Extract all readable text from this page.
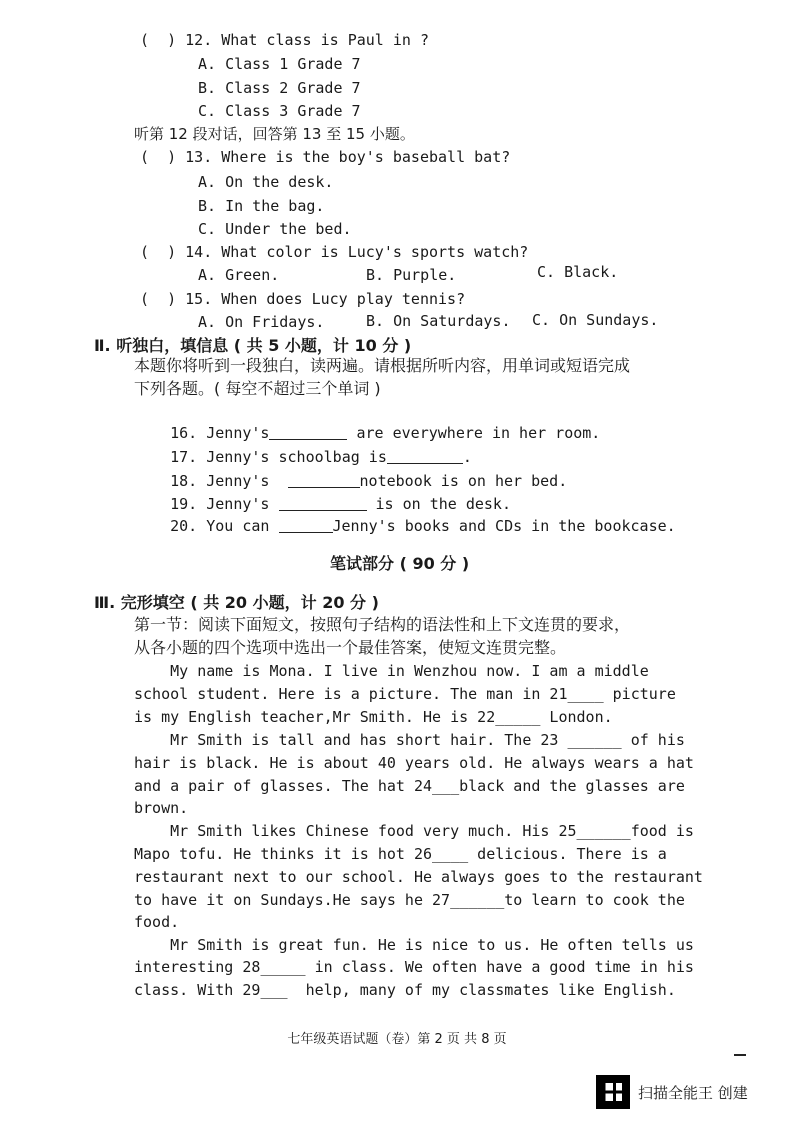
(  ) 12. What class is Paul in ?
A. Class 1 Grade 7
B. Class 2 Grade 7
C. Class 3 Grade 7
听第 12 段对话，回答第 13 至 15 小题。
(  ) 13. Where is the boy's baseball bat?
A. On the desk.
B. In the bag.
C. Under the bed.
(  ) 14. What color is Lucy's sports watch?
A. Green.	B. Purple.	C. Black.
(  ) 15. When does Lucy play tennis?
A. On Fridays.	B. On Saturdays. C. On Sundays.
Ⅱ. 听独白，填信息 ( 共 5 小题，计 10 分 )
本题你将听到一段独白，读两遍。请根据所听内容，用单词或短语完成
下列各题。( 每空不超过三个单词 )

16. Jenny's	are everywhere in her room.

17. Jenny's schoolbag is	.

18. Jenny's	notebook is on her bed.

19. Jenny's	is on the desk.

20. You can	Jenny's books and CDs in the bookcase.

笔试部分 ( 90 分 )
Ⅲ. 完形填空 ( 共 20 小题，计 20 分 )
第一节：阅读下面短文，按照句子结构的语法性和上下文连贯的要求，
从各小题的四个选项中选出一个最佳答案，使短文连贯完整。
My name is Mona. I live in Wenzhou now. I am a middle
school student. Here is a picture. The man in 21____ picture
is my English teacher,Mr Smith. He is 22_____ London.
Mr Smith is tall and has short hair. The 23 ______ of his
hair is black. He is about 40 years old. He always wears a hat
and a pair of glasses. The hat 24___black and the glasses are
brown.
Mr Smith likes Chinese food very much. His 25______food is
Mapo tofu. He thinks it is hot 26____ delicious. There is a
restaurant next to our school. He always goes to the restaurant
to have it on Sundays.He says he 27______to learn to cook the
food.
Mr Smith is great fun. He is nice to us. He often tells us
interesting 28_____ in class. We often have a good time in his
class. With 29___  help, many of my classmates like English.
七年级英语试题（卷）第 2 页 共 8 页
扫描全能王 创建
